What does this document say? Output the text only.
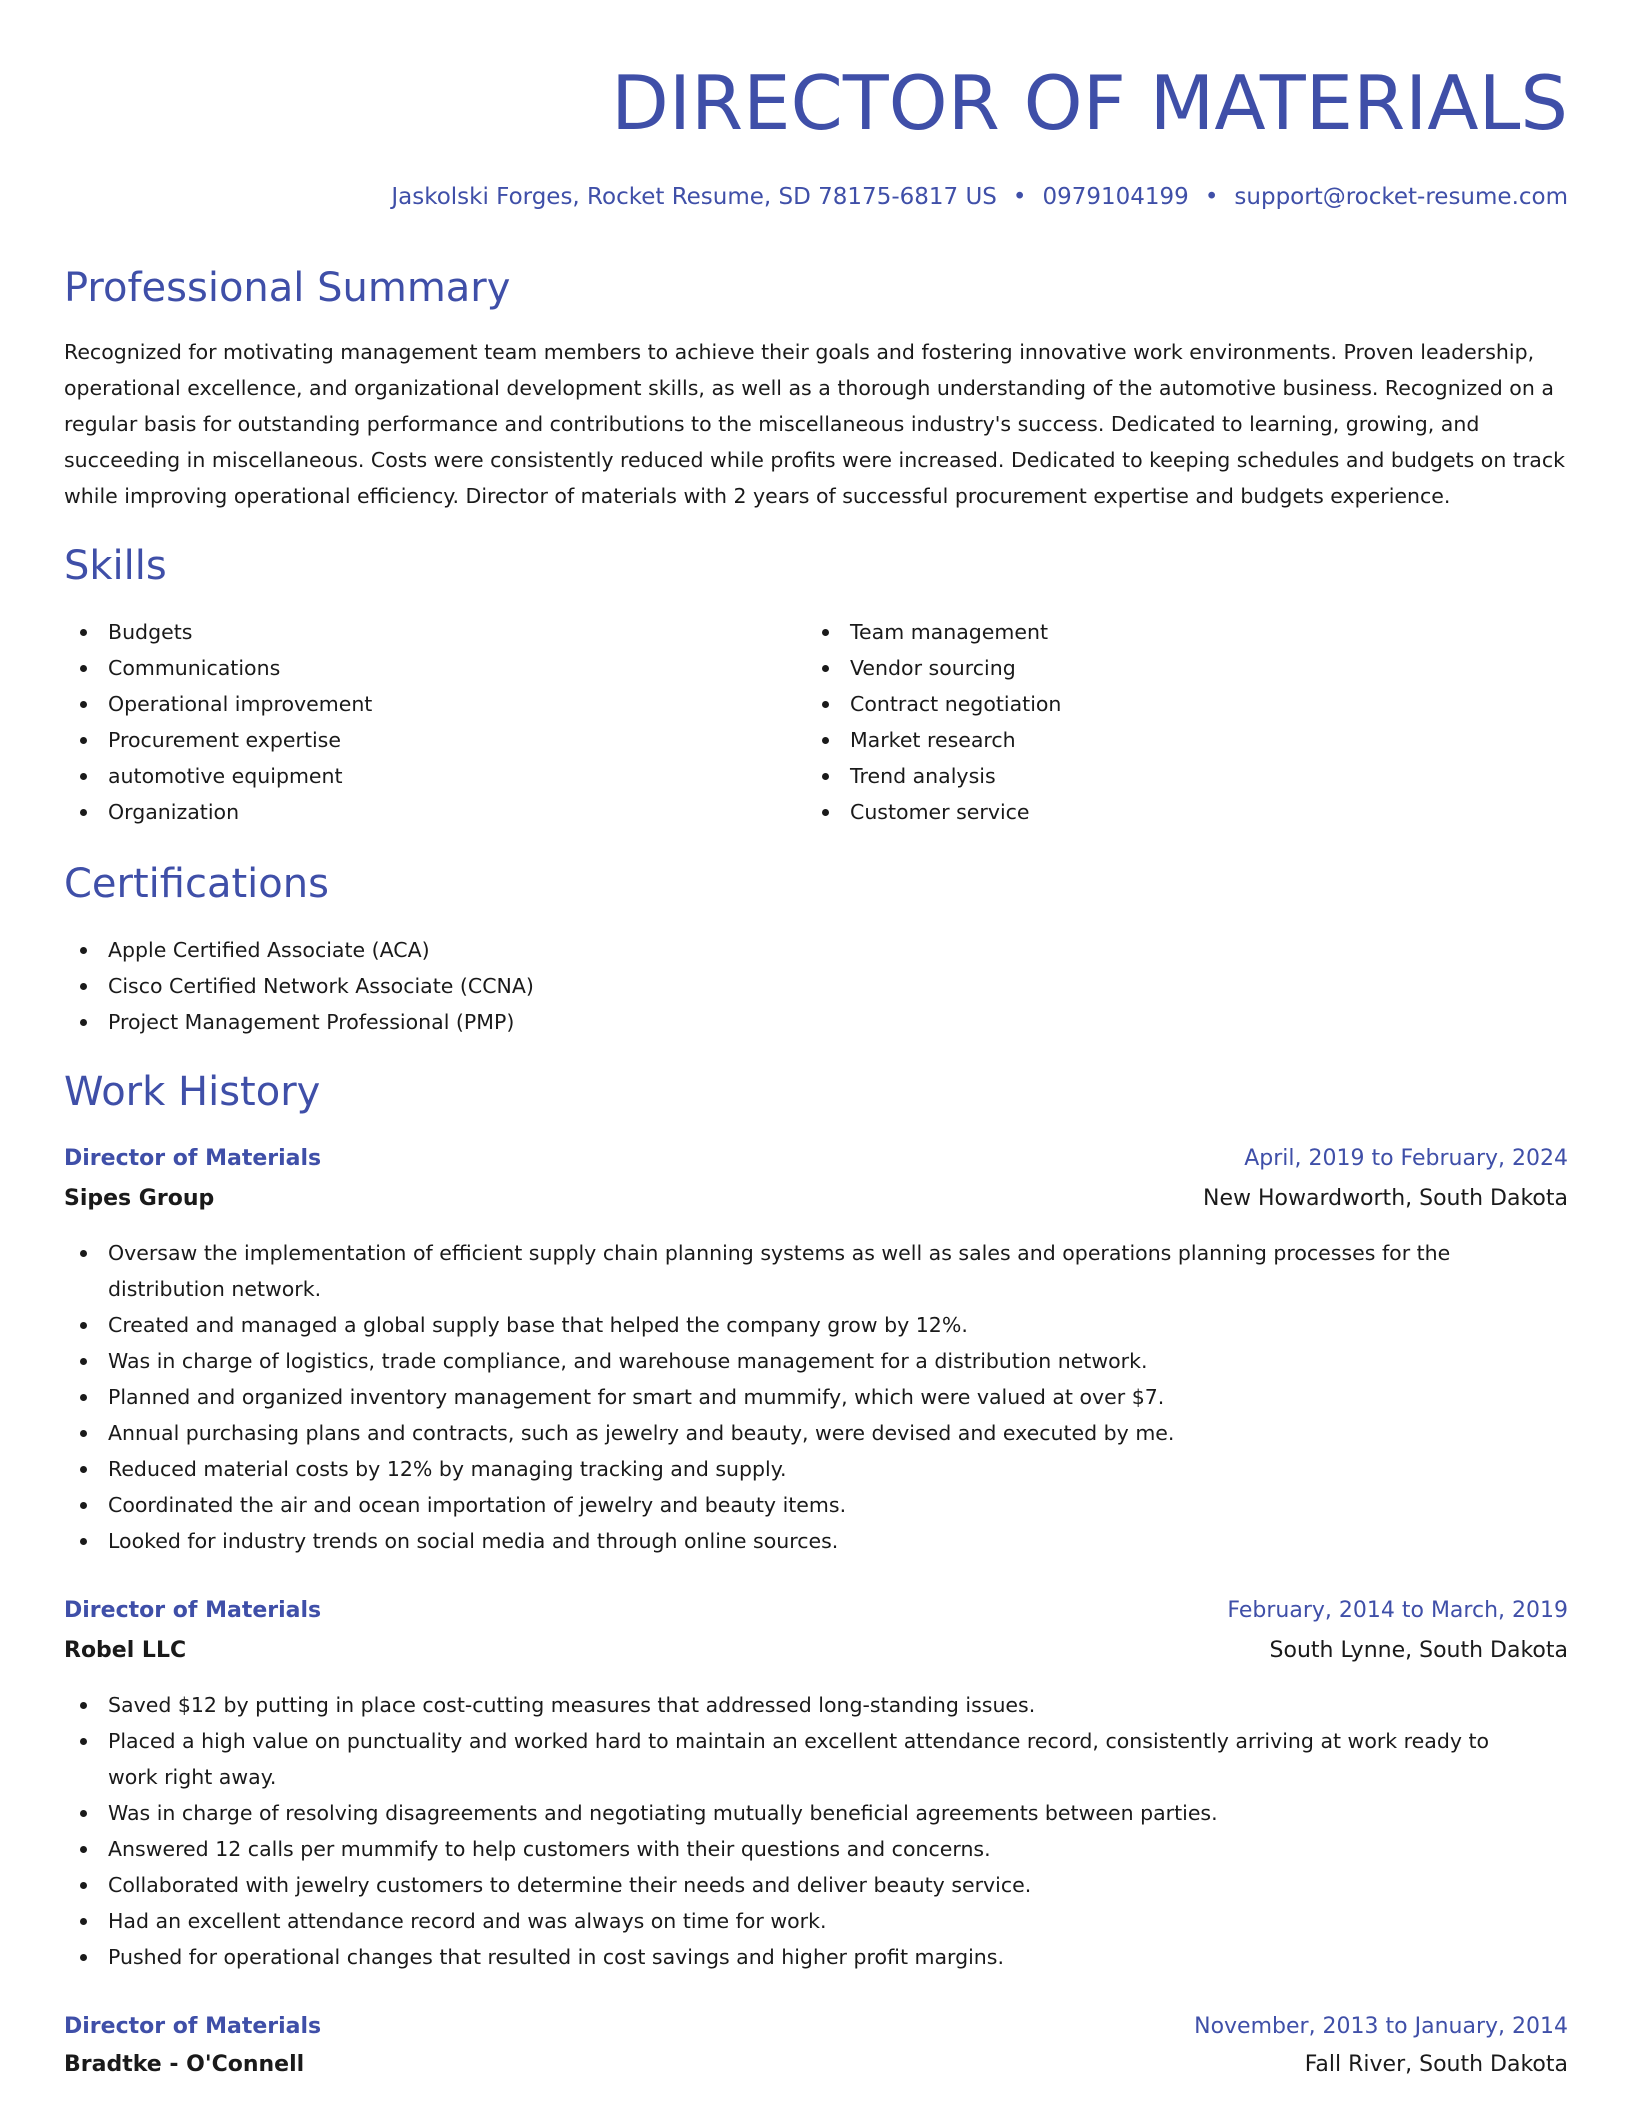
DIRECTOR OF MATERIALS
Jaskolski Forges, Rocket Resume, SD 78175-6817 US • 0979104199 • support@rocket-resume.com
Professional Summary

Recognized for motivating management team members to achieve their goals and fostering innovative work environments. Proven leadership, operational excellence, and organizational development skills, as well as a thorough understanding of the automotive business. Recognized on a regular basis for outstanding performance and contributions to the miscellaneous industry's success. Dedicated to learning, growing, and succeeding in miscellaneous. Costs were consistently reduced while profits were increased. Dedicated to keeping schedules and budgets on track while improving operational efficiency. Director of materials with 2 years of successful procurement expertise and budgets experience.

Skills
Budgets
Communications
Operational improvement
Procurement expertise
automotive equipment
Organization
Team management
Vendor sourcing
Contract negotiation
Market research
Trend analysis
Customer service
Certifications
Apple Certified Associate (ACA)
Cisco Certified Network Associate (CCNA)
Project Management Professional (PMP)
Work History
Director of Materials	April, 2019 to February, 2024
Sipes Group	New Howardworth, South Dakota
Oversaw the implementation of efficient supply chain planning systems as well as sales and operations planning processes for the distribution network.
Created and managed a global supply base that helped the company grow by 12%.
Was in charge of logistics, trade compliance, and warehouse management for a distribution network.
Planned and organized inventory management for smart and mummify, which were valued at over $7.
Annual purchasing plans and contracts, such as jewelry and beauty, were devised and executed by me.
Reduced material costs by 12% by managing tracking and supply.
Coordinated the air and ocean importation of jewelry and beauty items.
Looked for industry trends on social media and through online sources.
Director of Materials	February, 2014 to March, 2019
Robel LLC	South Lynne, South Dakota
Saved $12 by putting in place cost-cutting measures that addressed long-standing issues.
Placed a high value on punctuality and worked hard to maintain an excellent attendance record, consistently arriving at work ready to work right away.
Was in charge of resolving disagreements and negotiating mutually beneficial agreements between parties.
Answered 12 calls per mummify to help customers with their questions and concerns.
Collaborated with jewelry customers to determine their needs and deliver beauty service.
Had an excellent attendance record and was always on time for work.
Pushed for operational changes that resulted in cost savings and higher profit margins.
Director of Materials	November, 2013 to January, 2014
Bradtke - O'Connell	Fall River, South Dakota
